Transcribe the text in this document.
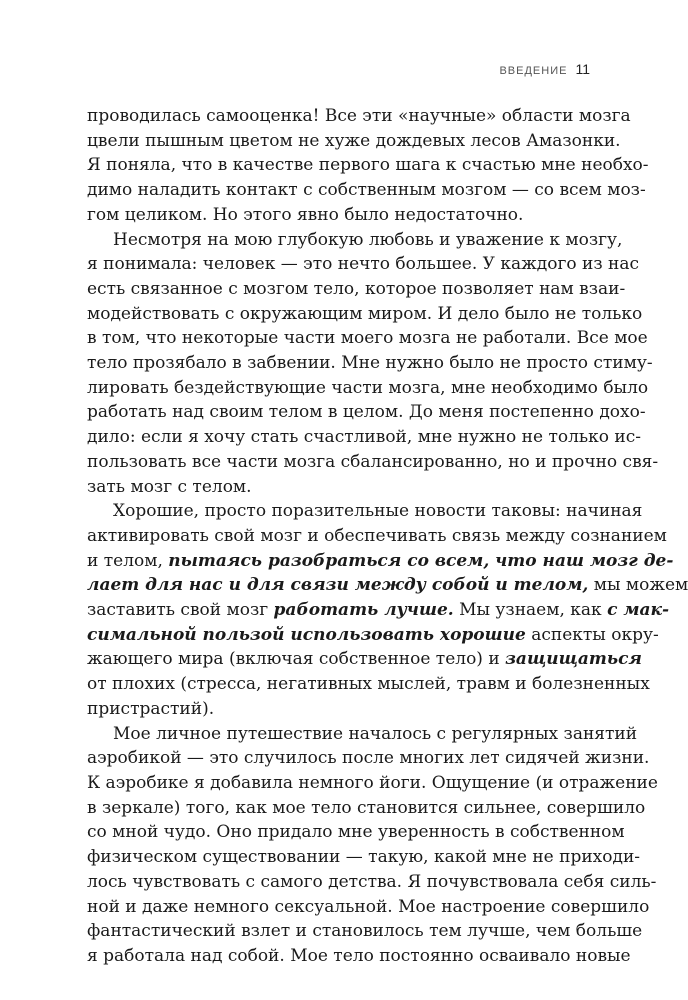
ВВЕДЕНИЕ 11
проводилась самооценка! Все эти «научные» области мозга
цвели пышным цветом не хуже дождевых лесов Амазонки.
Я поняла, что в качестве первого шага к счастью мне необхо-
димо наладить контакт с собственным мозгом — со всем моз-
гом целиком. Но этого явно было недостаточно.
Несмотря на мою глубокую любовь и уважение к мозгу,
я понимала: человек — это нечто большее. У каждого из нас
есть связанное с мозгом тело, которое позволяет нам взаи-
модействовать с окружающим миром. И дело было не только
в том, что некоторые части моего мозга не работали. Все мое
тело прозябало в забвении. Мне нужно было не просто стиму-
лировать бездействующие части мозга, мне необходимо было
работать над своим телом в целом. До меня постепенно дохо-
дило: если я хочу стать счастливой, мне нужно не только ис-
пользовать все части мозга сбалансированно, но и прочно свя-
зать мозг с телом.
Хорошие, просто поразительные новости таковы: начиная
активировать свой мозг и обеспечивать связь между сознанием
и телом, пытаясь разобраться со всем, что наш мозг де-
лает для нас и для связи между собой и телом, мы можем
заставить свой мозг работать лучше. Мы узнаем, как с мак-
симальной пользой использовать хорошие аспекты окру-
жающего мира (включая собственное тело) и защищаться
от плохих (стресса, негативных мыслей, травм и болезненных
пристрастий).
Мое личное путешествие началось с регулярных занятий
аэробикой — это случилось после многих лет сидячей жизни.
К аэробике я добавила немного йоги. Ощущение (и отражение
в зеркале) того, как мое тело становится сильнее, совершило
со мной чудо. Оно придало мне уверенность в собственном
физическом существовании — такую, какой мне не приходи-
лось чувствовать с самого детства. Я почувствовала себя силь-
ной и даже немного сексуальной. Мое настроение совершило
фантастический взлет и становилось тем лучше, чем больше
я работала над собой. Мое тело постоянно осваивало новые
